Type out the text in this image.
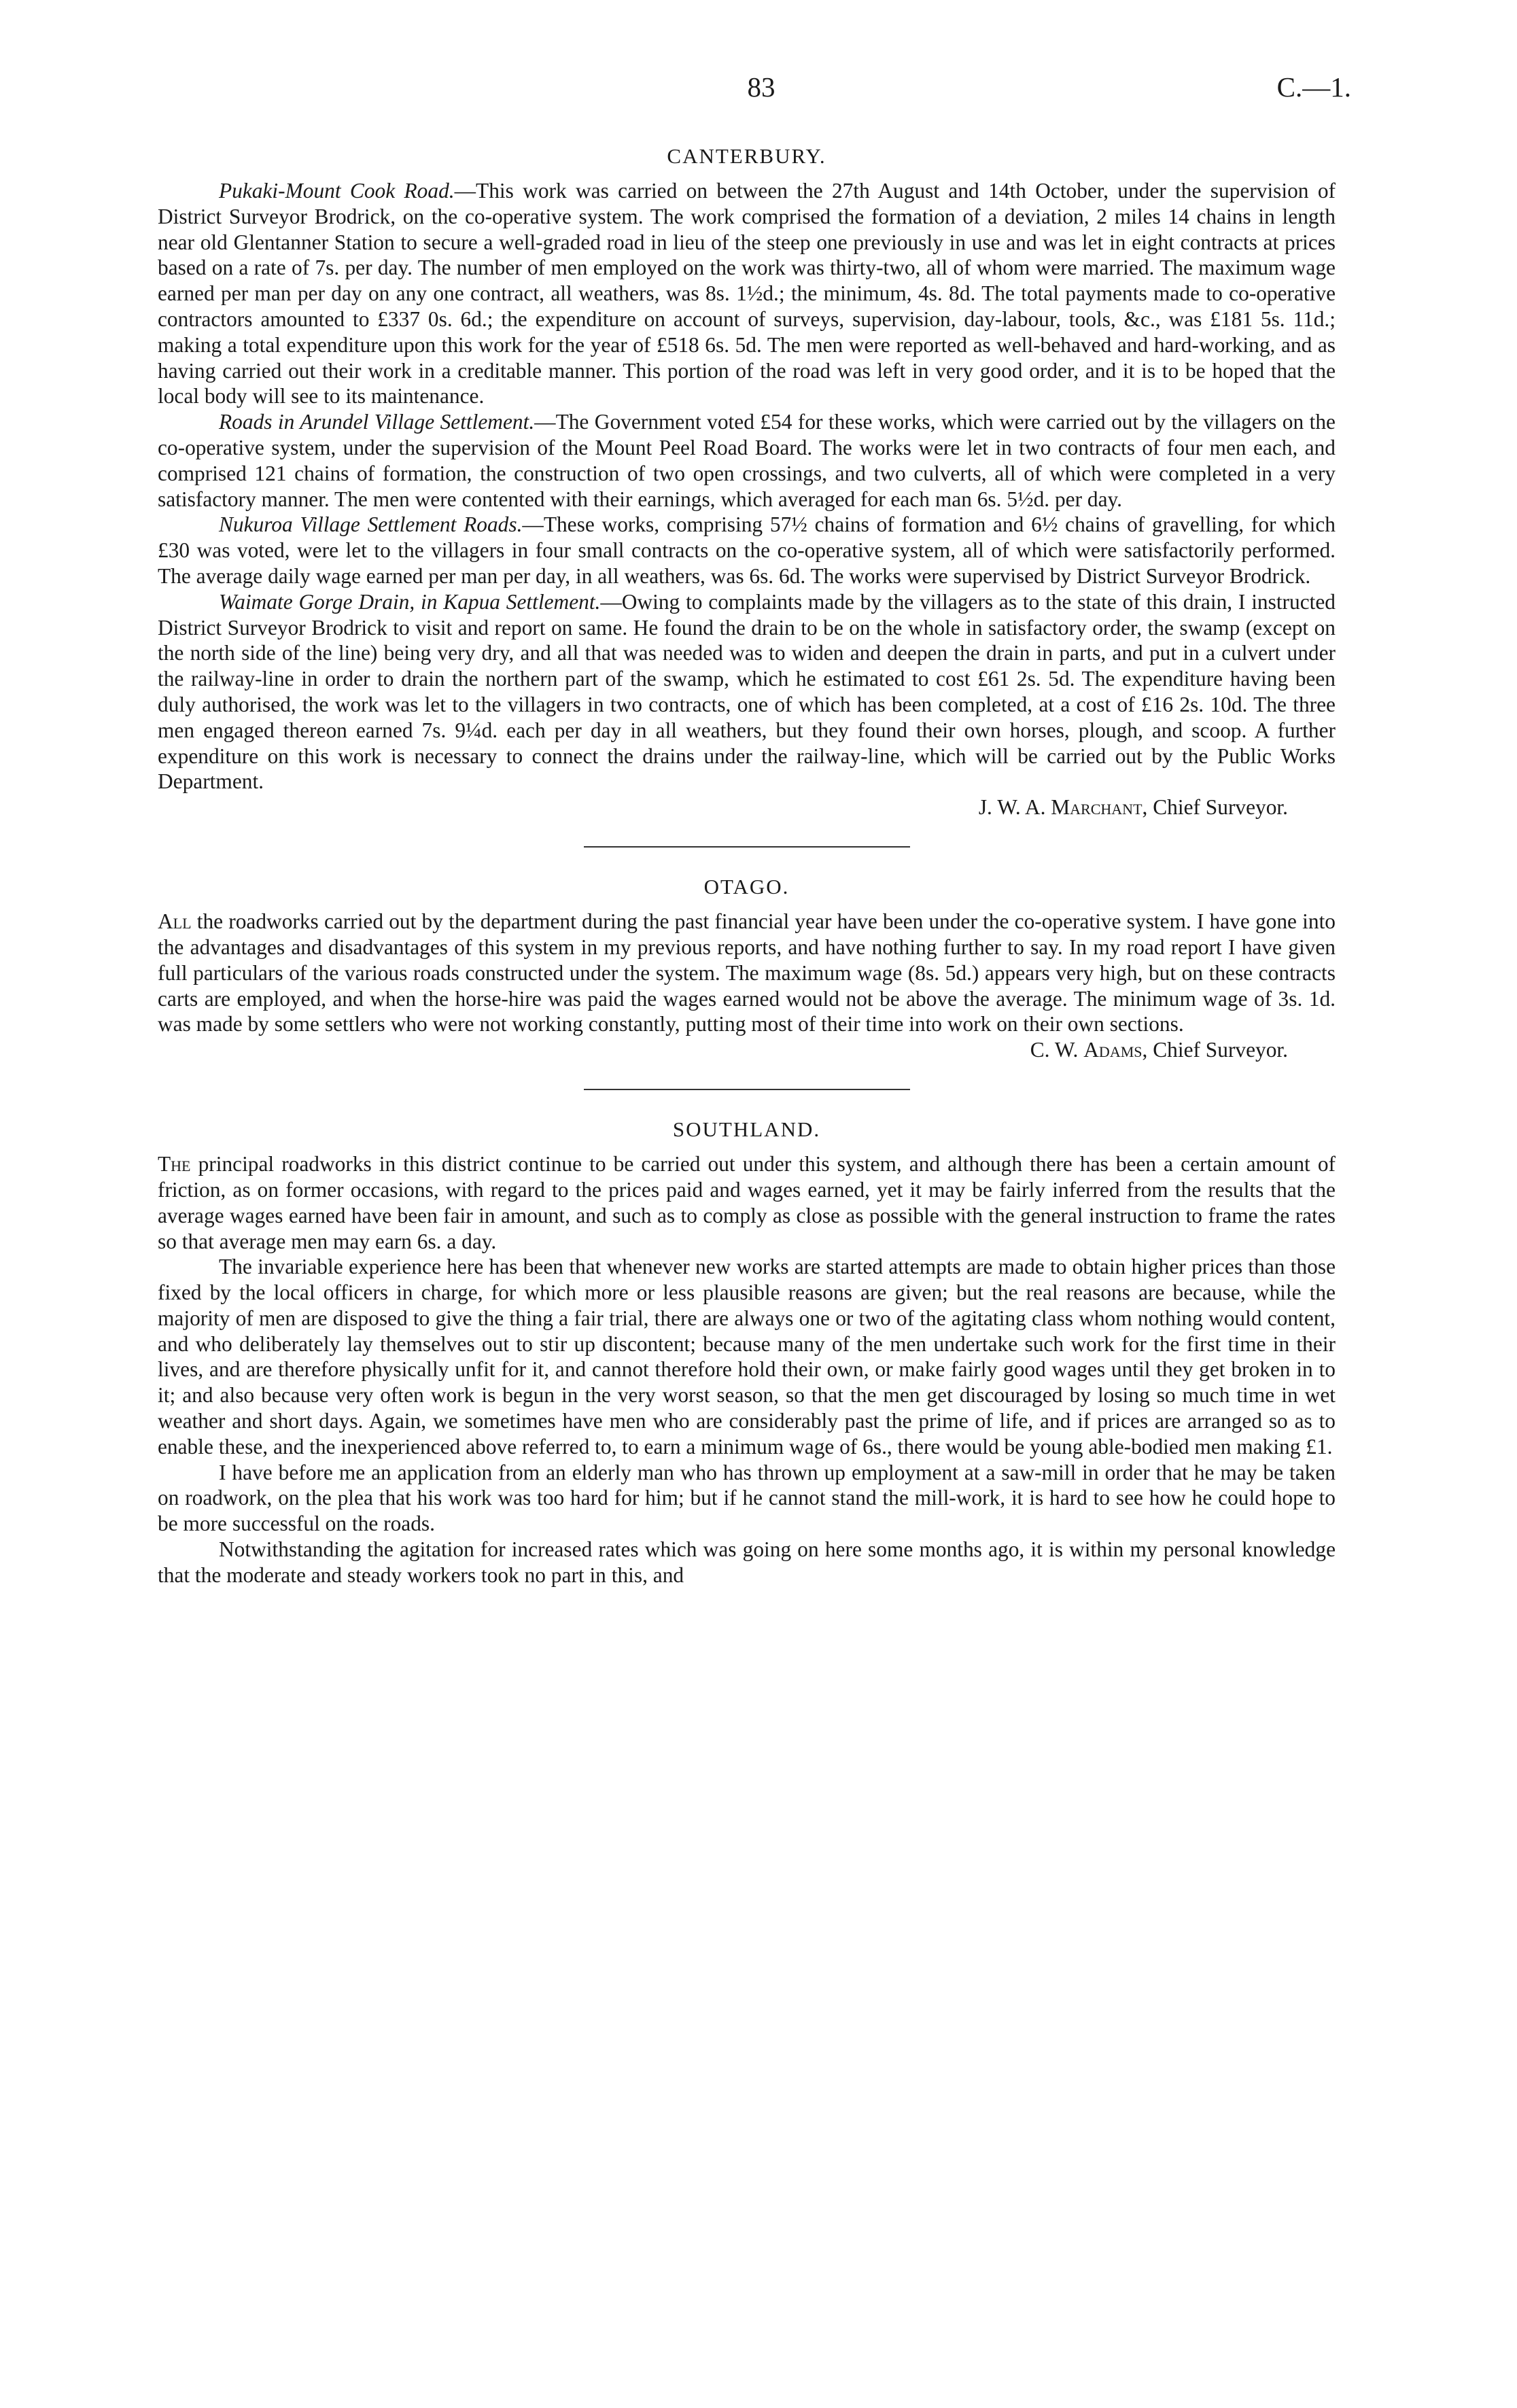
83	C.—1.
CANTERBURY.

Pukaki-Mount Cook Road.—This work was carried on between the 27th August and 14th October, under the supervision of District Surveyor Brodrick, on the co-operative system. The work comprised the formation of a deviation, 2 miles 14 chains in length near old Glentanner Station to secure a well-graded road in lieu of the steep one previously in use and was let in eight contracts at prices based on a rate of 7s. per day. The number of men employed on the work was thirty-two, all of whom were married. The maximum wage earned per man per day on any one contract, all weathers, was 8s. 1½d.; the minimum, 4s. 8d. The total payments made to co-operative contractors amounted to £337 0s. 6d.; the expenditure on account of surveys, supervision, day-labour, tools, &c., was £181 5s. 11d.; making a total expenditure upon this work for the year of £518 6s. 5d. The men were reported as well-behaved and hard-working, and as having carried out their work in a creditable manner. This portion of the road was left in very good order, and it is to be hoped that the local body will see to its maintenance.

Roads in Arundel Village Settlement.—The Government voted £54 for these works, which were carried out by the villagers on the co-operative system, under the supervision of the Mount Peel Road Board. The works were let in two contracts of four men each, and comprised 121 chains of formation, the construction of two open crossings, and two culverts, all of which were completed in a very satisfactory manner. The men were contented with their earnings, which averaged for each man 6s. 5½d. per day.

Nukuroa Village Settlement Roads.—These works, comprising 57½ chains of formation and 6½ chains of gravelling, for which £30 was voted, were let to the villagers in four small contracts on the co-operative system, all of which were satisfactorily performed. The average daily wage earned per man per day, in all weathers, was 6s. 6d. The works were supervised by District Surveyor Brodrick.

Waimate Gorge Drain, in Kapua Settlement.—Owing to complaints made by the villagers as to the state of this drain, I instructed District Surveyor Brodrick to visit and report on same. He found the drain to be on the whole in satisfactory order, the swamp (except on the north side of the line) being very dry, and all that was needed was to widen and deepen the drain in parts, and put in a culvert under the railway-line in order to drain the northern part of the swamp, which he estimated to cost £61 2s. 5d. The expenditure having been duly authorised, the work was let to the villagers in two contracts, one of which has been completed, at a cost of £16 2s. 10d. The three men engaged thereon earned 7s. 9¼d. each per day in all weathers, but they found their own horses, plough, and scoop. A further expenditure on this work is necessary to connect the drains under the railway-line, which will be carried out by the Public Works Department.

J. W. A. Marchant, Chief Surveyor.
OTAGO.

All the roadworks carried out by the department during the past financial year have been under the co-operative system. I have gone into the advantages and disadvantages of this system in my previous reports, and have nothing further to say. In my road report I have given full particulars of the various roads constructed under the system. The maximum wage (8s. 5d.) appears very high, but on these contracts carts are employed, and when the horse-hire was paid the wages earned would not be above the average. The minimum wage of 3s. 1d. was made by some settlers who were not working constantly, putting most of their time into work on their own sections.

C. W. Adams, Chief Surveyor.
SOUTHLAND.

The principal roadworks in this district continue to be carried out under this system, and although there has been a certain amount of friction, as on former occasions, with regard to the prices paid and wages earned, yet it may be fairly inferred from the results that the average wages earned have been fair in amount, and such as to comply as close as possible with the general instruction to frame the rates so that average men may earn 6s. a day.

The invariable experience here has been that whenever new works are started attempts are made to obtain higher prices than those fixed by the local officers in charge, for which more or less plausible reasons are given; but the real reasons are because, while the majority of men are disposed to give the thing a fair trial, there are always one or two of the agitating class whom nothing would content, and who deliberately lay themselves out to stir up discontent; because many of the men undertake such work for the first time in their lives, and are therefore physically unfit for it, and cannot therefore hold their own, or make fairly good wages until they get broken in to it; and also because very often work is begun in the very worst season, so that the men get discouraged by losing so much time in wet weather and short days. Again, we sometimes have men who are considerably past the prime of life, and if prices are arranged so as to enable these, and the inexperienced above referred to, to earn a minimum wage of 6s., there would be young able-bodied men making £1.

I have before me an application from an elderly man who has thrown up employment at a saw-mill in order that he may be taken on roadwork, on the plea that his work was too hard for him; but if he cannot stand the mill-work, it is hard to see how he could hope to be more successful on the roads.

Notwithstanding the agitation for increased rates which was going on here some months ago, it is within my personal knowledge that the moderate and steady workers took no part in this, and
